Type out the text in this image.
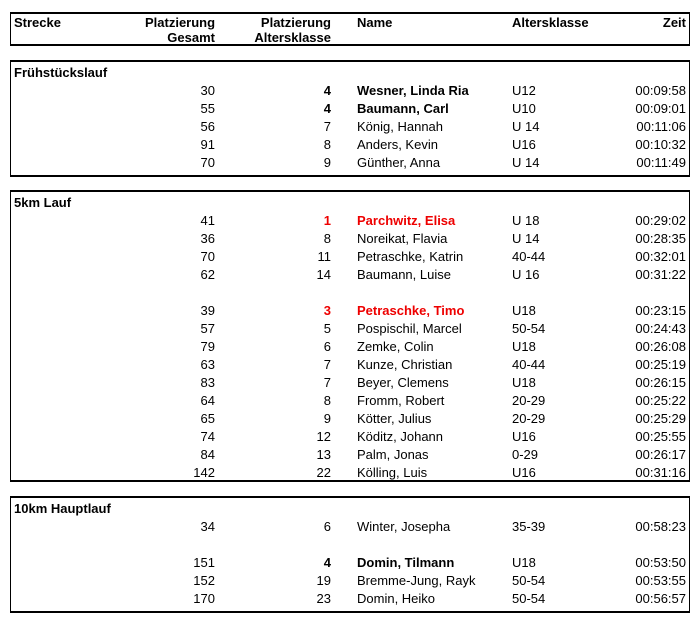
Strecke	Platzierung	Platzierung	Name	Altersklasse	Zeit
Gesamt	Altersklasse
Frühstückslauf
30	4	Wesner, Linda Ria	U12	00:09:58
55	4	Baumann, Carl	U10	00:09:01
56	7	König, Hannah	U 14	00:11:06
91	8	Anders, Kevin	U16	00:10:32
70	9	Günther, Anna	U 14	00:11:49
5km Lauf
41	1	Parchwitz, Elisa	U 18	00:29:02
36	8	Noreikat, Flavia	U 14	00:28:35
70	11	Petraschke, Katrin	40-44	00:32:01
62	14	Baumann, Luise	U 16	00:31:22
39	3	Petraschke, Timo	U18	00:23:15
57	5	Pospischil, Marcel	50-54	00:24:43
79	6	Zemke, Colin	U18	00:26:08
63	7	Kunze, Christian	40-44	00:25:19
83	7	Beyer, Clemens	U18	00:26:15
64	8	Fromm, Robert	20-29	00:25:22
65	9	Kötter, Julius	20-29	00:25:29
74	12	Köditz, Johann	U16	00:25:55
84	13	Palm, Jonas	0-29	00:26:17
142	22	Kölling, Luis	U16	00:31:16
10km Hauptlauf
34	6	Winter, Josepha	35-39	00:58:23
151	4	Domin, Tilmann	U18	00:53:50
152	19	Bremme-Jung, Rayk	50-54	00:53:55
170	23	Domin, Heiko	50-54	00:56:57
